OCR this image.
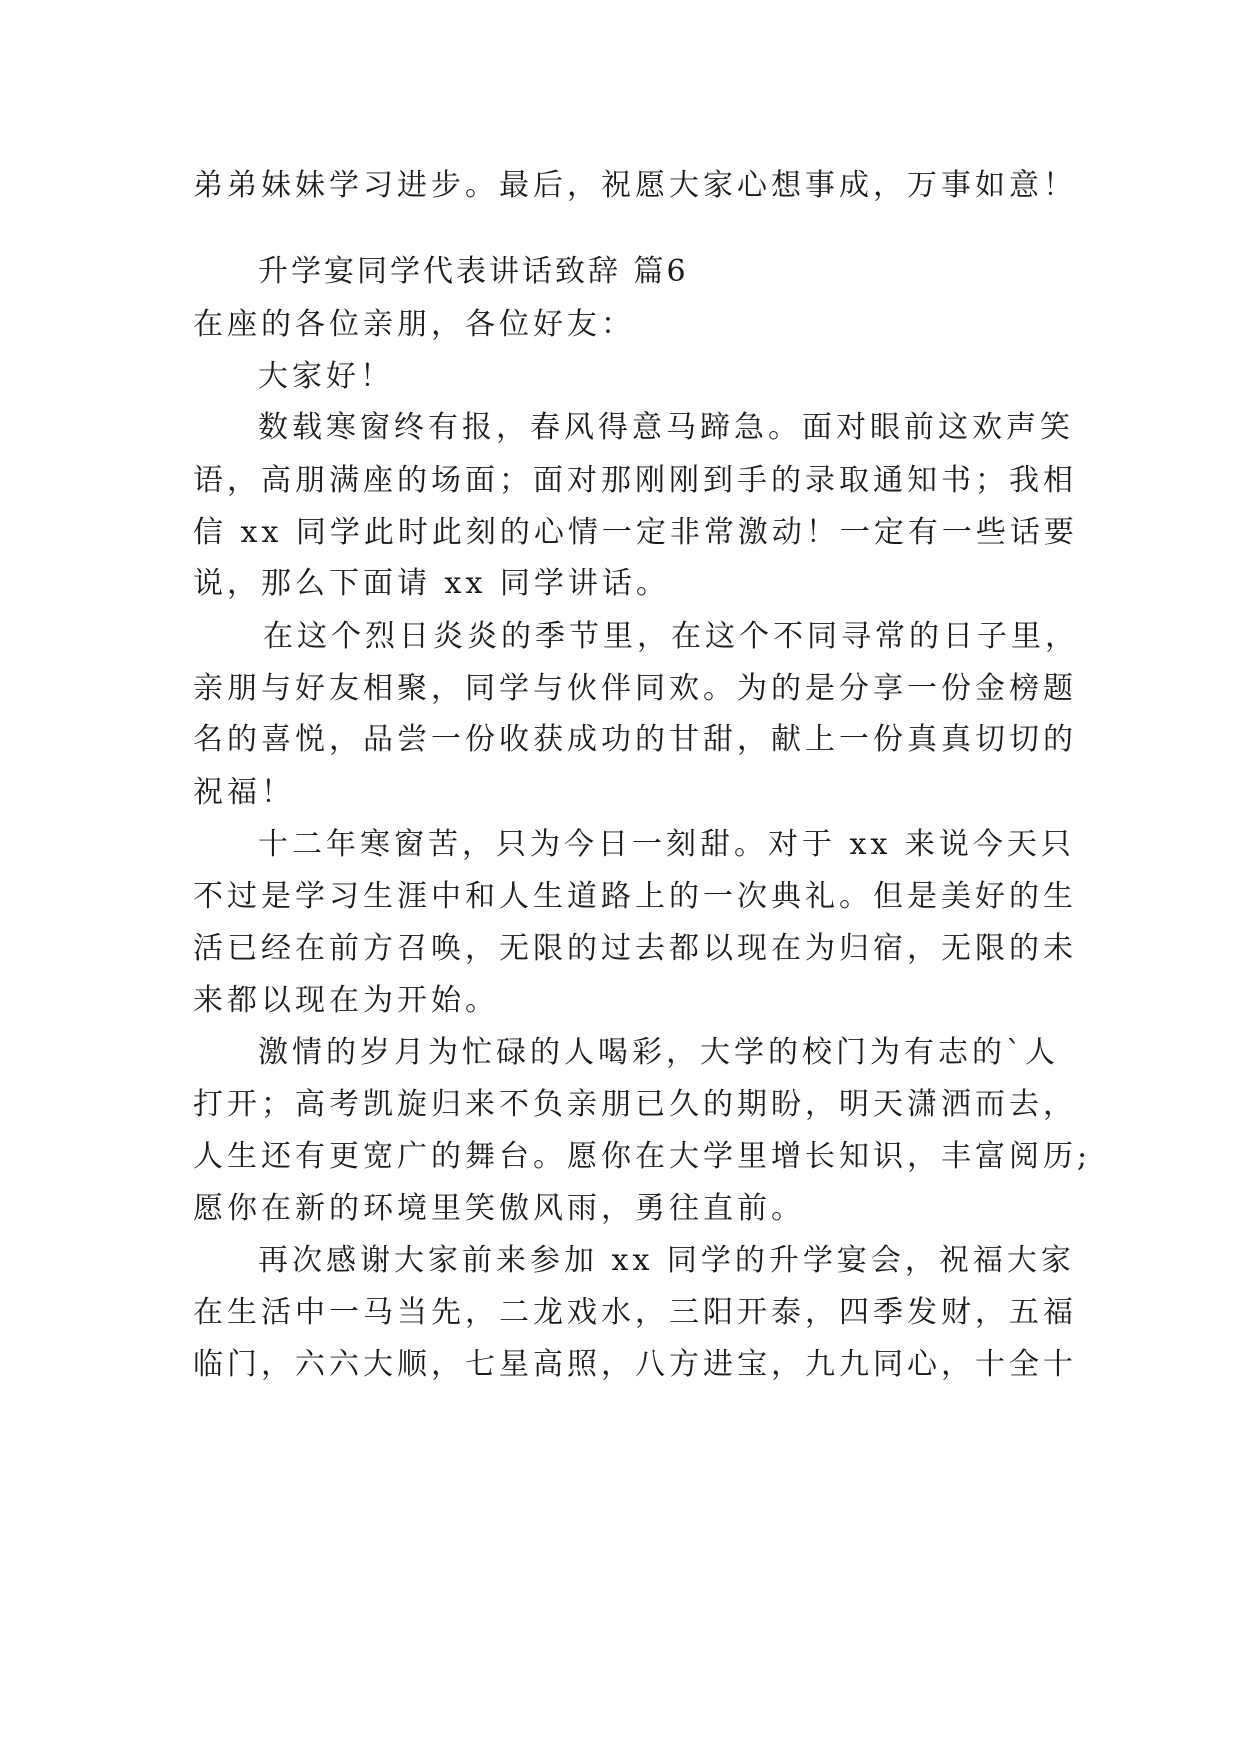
弟弟妹妹学习进步。最后，祝愿大家心想事成，万事如意！
升学宴同学代表讲话致辞 篇6
在座的各位亲朋，各位好友：
大家好！
数载寒窗终有报，春风得意马蹄急。面对眼前这欢声笑
语，高朋满座的场面；面对那刚刚到手的录取通知书；我相
信 xx 同学此时此刻的心情一定非常激动！一定有一些话要
说，那么下面请 xx 同学讲话。
在这个烈日炎炎的季节里，在这个不同寻常的日子里，
亲朋与好友相聚，同学与伙伴同欢。为的是分享一份金榜题
名的喜悦，品尝一份收获成功的甘甜，献上一份真真切切的
祝福！
十二年寒窗苦，只为今日一刻甜。对于 xx 来说今天只
不过是学习生涯中和人生道路上的一次典礼。但是美好的生
活已经在前方召唤，无限的过去都以现在为归宿，无限的未
来都以现在为开始。
激情的岁月为忙碌的人喝彩，大学的校门为有志的`人
打开；高考凯旋归来不负亲朋已久的期盼，明天潇洒而去，
人生还有更宽广的舞台。愿你在大学里增长知识，丰富阅历;
愿你在新的环境里笑傲风雨，勇往直前。
再次感谢大家前来参加 xx 同学的升学宴会，祝福大家
在生活中一马当先，二龙戏水，三阳开泰，四季发财，五福
临门，六六大顺，七星高照，八方进宝，九九同心，十全十
